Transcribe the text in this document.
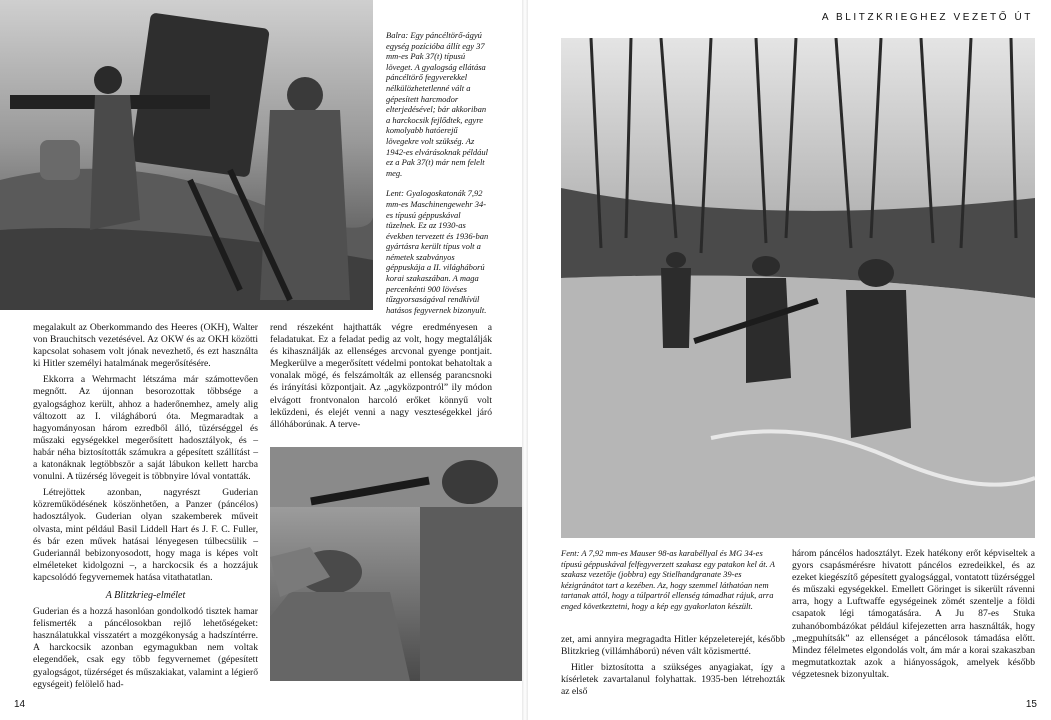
Balra: Egy páncéltörő-ágyú egység pozícióba állít egy 37 mm-es Pak 37(t) típusú löveget. A gyalogság ellátása páncéltörő fegyverekkel nélkülözhetetlenné vált a gépesített harcmodor elterjedésével; bár akkoriban a harckocsik fejlődtek, egyre komolyabb hatóerejű lövegekre volt szükség. Az 1942-es elvárásoknak például ez a Pak 37(t) már nem felelt meg.

Lent: Gyalogoskatonák 7,92 mm-es Maschinengewehr 34-es típusú géppuskával tüzelnek. Ez az 1930-as években tervezett és 1936-ban gyártásra került típus volt a németek szabványos géppuskája a II. világháború korai szakaszában. A maga percenkénti 900 lövéses tűzgyorsaságával rendkívül hatásos fegyvernek bizonyult.

megalakult az Oberkommando des Heeres (OKH), Walter von Brauchitsch vezetésével. Az OKW és az OKH közötti kapcsolat sohasem volt jónak nevezhető, és ezt használta ki Hitler személyi hatalmának megerősítésére.

Ekkorra a Wehrmacht létszáma már számottevően megnőtt. Az újonnan besorozottak többsége a gyalogsághoz került, ahhoz a haderőnemhez, amely alig változott az I. világháború óta. Megmaradtak a hagyományosan három ezredből álló, tüzérséggel és műszaki egységekkel megerősített hadosztályok, és – habár néha biztosították számukra a gépesített szállítást – a katonáknak legtöbbször a saját lábukon kellett harcba vonulni. A tüzérség lövegeit is többnyire lóval vontatták.

Létrejöttek azonban, nagyrészt Guderian közreműködésének köszönhetően, a Panzer (páncélos) hadosztályok. Guderian olyan szakemberek műveit olvasta, mint például Basil Liddell Hart és J. F. C. Fuller, és bár ezen művek hatásai lényegesen túlbecsülik – Guderiannál bebizonyosodott, hogy maga is képes volt elméleteket kidolgozni –, a harckocsik és a hozzájuk kapcsolódó fegyvernemek hatása vitathatatlan.

A Blitzkrieg-elmélet

Guderian és a hozzá hasonlóan gondolkodó tisztek hamar felismerték a páncélosokban rejlő lehetőségeket: használatukkal visszatért a mozgékonyság a hadszíntérre. A harckocsik azonban egymagukban nem voltak elegendőek, csak egy több fegyvernemet (gépesített gyalogságot, tüzérséget és műszakiakat, valamint a légierő egységeit) felölelő had-

rend részeként hajthatták végre eredményesen a feladatukat. Ez a feladat pedig az volt, hogy megtalálják és kihasználják az ellenséges arcvonal gyenge pontjait. Megkerülve a megerősített védelmi pontokat behatoltak a vonalak mögé, és felszámolták az ellenség parancsnoki és irányítási központjait. Az „agyközpontról” ily módon elvágott frontvonalon harcoló erőket könnyű volt lekűzdeni, és elejét venni a nagy veszteségekkel járó állóháborúnak. A terve-

14
A BLITZKRIEGHEZ VEZETŐ ÚT

Fent: A 7,92 mm-es Mauser 98-as karabéllyal és MG 34-es típusú géppuskával felfegyverzett szakasz egy patakon kel át. A szakasz vezetője (jobbra) egy Stielhandgranate 39-es kézigránátot tart a kezében. Az, hogy szemmel láthatóan nem tartanak attól, hogy a túlpartról ellenség támadhat rájuk, arra enged következtetni, hogy a kép egy gyakorlaton készült.

zet, ami annyira megragadta Hitler képzeleterejét, később Blitzkrieg (villámháború) néven vált közismertté.

Hitler biztosította a szükséges anyagiakat, így a kísérletek zavartalanul folyhattak. 1935-ben létrehozták az első

három páncélos hadosztályt. Ezek hatékony erőt képviseltek a gyors csapásmérésre hivatott páncélos ezredeikkel, és az ezeket kiegészítő gépesített gyalogsággal, vontatott tüzérséggel és műszaki egységekkel. Emellett Göringet is sikerült rávenni arra, hogy a Luftwaffe egységeinek zömét szentelje a földi csapatok légi támogatására. A Ju 87-es Stuka zuhanóbombázókat például kifejezetten arra használták, hogy „megpuhítsák” az ellenséget a páncélosok támadása előtt. Mindez félelmetes elgondolás volt, ám már a korai szakaszban megmutatkoztak azok a hiányosságok, amelyek később végzetesnek bizonyultak.

15
